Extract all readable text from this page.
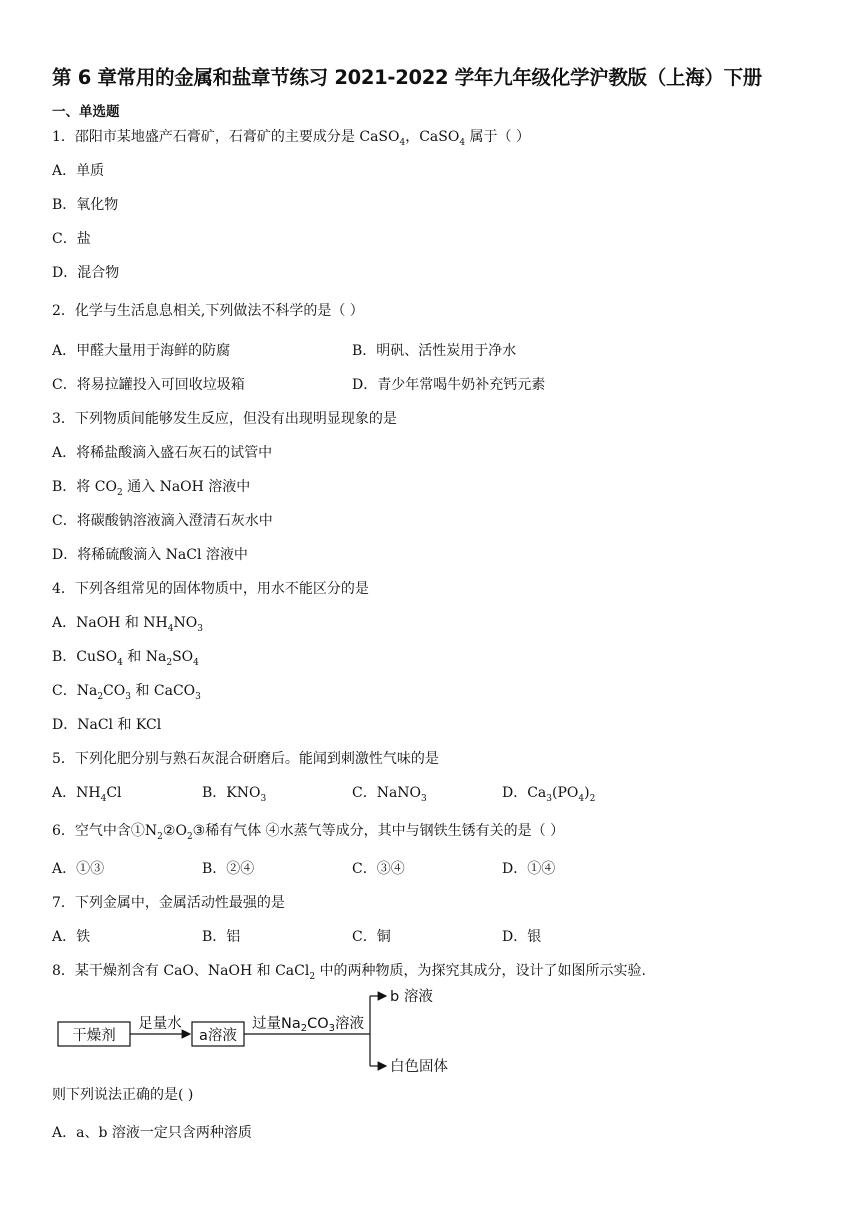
第 6 章常用的金属和盐章节练习 2021-2022 学年九年级化学沪教版（上海）下册
一、单选题
1．邵阳市某地盛产石膏矿，石膏矿的主要成分是 CaSO$_4$，CaSO$_4$ 属于（ ）
A．单质
B．氧化物
C．盐
D．混合物
2．化学与生活息息相关,下列做法不科学的是（ ）
A．甲醛大量用于海鲜的防腐	B．明矾、活性炭用于净水
C．将易拉罐投入可回收垃圾箱	D．青少年常喝牛奶补充钙元素
3．下列物质间能够发生反应，但没有出现明显现象的是
A．将稀盐酸滴入盛石灰石的试管中
B．将 $CO_2$ 通入 NaOH 溶液中
C．将碳酸钠溶液滴入澄清石灰水中
D．将稀硫酸滴入 NaCl 溶液中
4．下列各组常见的固体物质中，用水不能区分的是
A．NaOH 和 $NH_4NO_3$
B．CuSO$_4$ 和 $Na_2SO_4$
C．$Na_2CO_3$ 和 CaCO$_3$
D．NaCl 和 KCl
5．下列化肥分别与熟石灰混合研磨后。能闻到刺激性气味的是
A．$NH_4Cl$	B．$KNO_3$	C．NaNO$_3$	D．$Ca_3(PO_4)_2$
6．空气中含$①N_2②O_2③$稀有气体 ④水蒸气等成分，其中与钢铁生锈有关的是（ ）
A．①③	B．②④	C．③④	D．①④
7．下列金属中，金属活动性最强的是
A．铁	B．铝	C．铜	D．银
8．某干燥剂含有 CaO、NaOH 和 CaCl$_2$ 中的两种物质，为探究其成分，设计了如图所示实验.
干燥剂
足量水
a溶液
过量$Na_2CO_3$溶液
b 溶液
白色固体
则下列说法正确的是( )
A．a、b 溶液一定只含两种溶质
